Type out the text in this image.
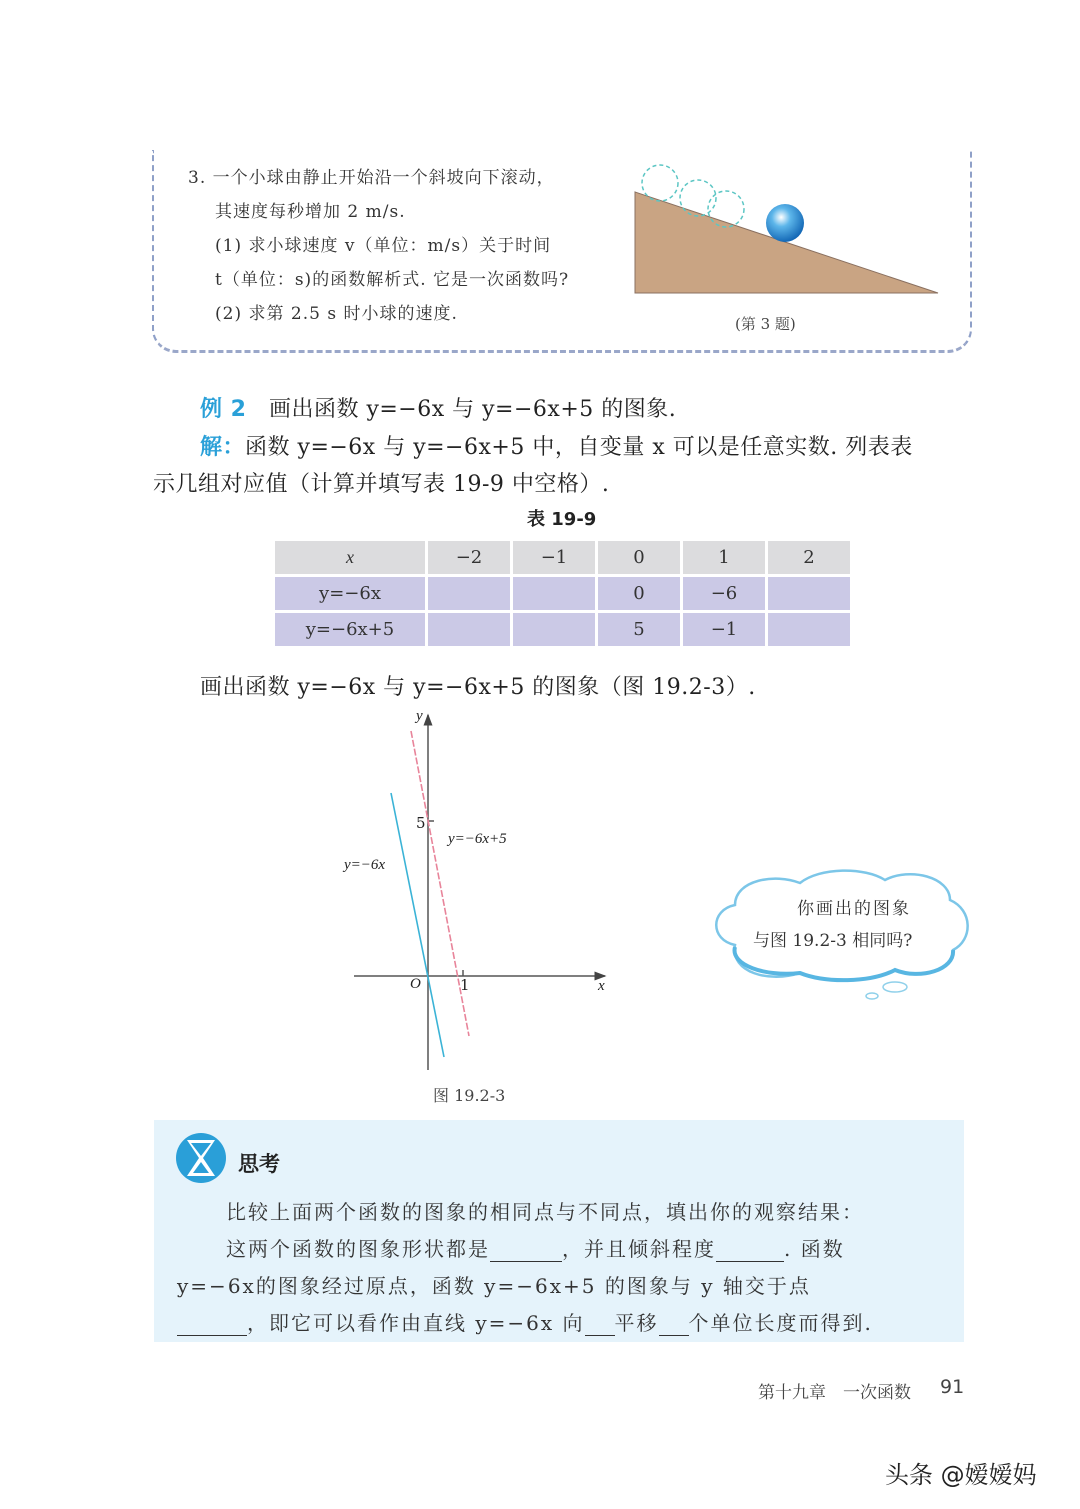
3. 一个小球由静止开始沿一个斜坡向下滚动，
其速度每秒增加 2 m/s.
(1) 求小球速度 v（单位：m/s）关于时间
t（单位：s)的函数解析式. 它是一次函数吗?
(2) 求第 2.5 s 时小球的速度.	(第 3 题)
例 2 画出函数 y=−6x 与 y=−6x+5 的图象.
解：函数 y=−6x 与 y=−6x+5 中，自变量 x 可以是任意实数. 列表表
示几组对应值（计算并填写表 19-9 中空格）.
表 19-9
x	−2	−1	0	1	2
y=−6x			0	−6	
y=−6x+5			5	−1	
画出函数 y=−6x 与 y=−6x+5 的图象（图 19.2-3）.
y
x
O	1
5
y=−6x+5
y=−6x
图 19.2-3
你画出的图象
与图 19.2-3 相同吗?
思考
比较上面两个函数的图象的相同点与不同点，填出你的观察结果：
这两个函数的图象形状都是	，并且倾斜程度	. 函数
y=−6x的图象经过原点，函数 y=−6x+5 的图象与 y 轴交于点
，即它可以看作由直线 y=−6x 向 平移 个单位长度而得到.
第十九章　一次函数 91
头条 @嫒嫒妈
